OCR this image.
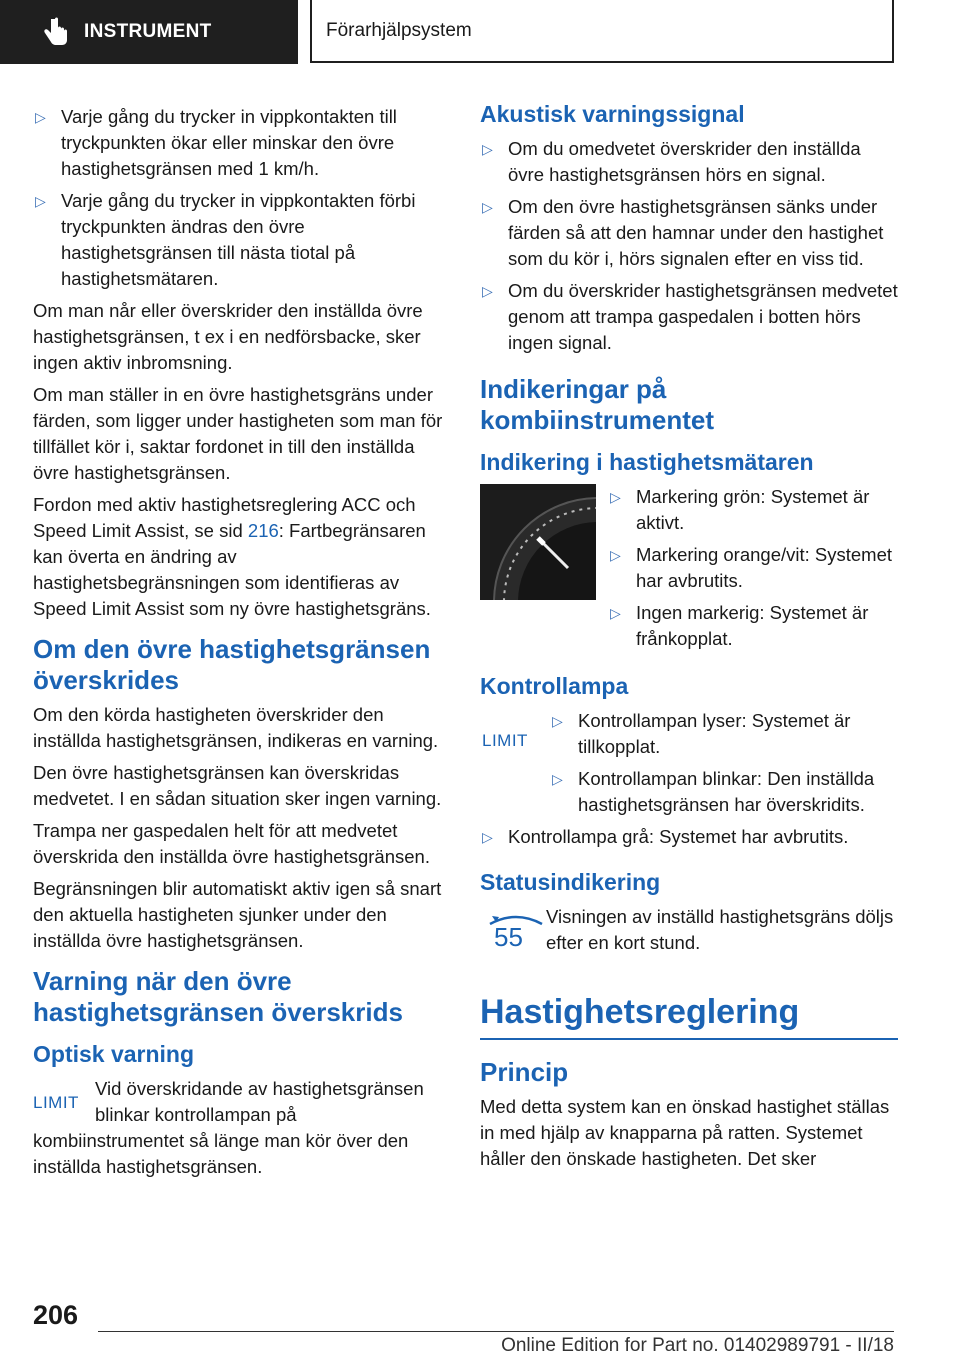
INSTRUMENT	Förarhjälpsystem
▷ Varje gång du trycker in vippkontakten till tryckpunkten ökar eller minskar den övre hastighetsgränsen med 1 km/h.
▷ Varje gång du trycker in vippkontakten förbi tryckpunkten ändras den övre hastighetsgränsen till nästa tiotal på hastighetsmätaren.

Om man når eller överskrider den inställda övre hastighetsgränsen, t ex i en nedförsbacke, sker ingen aktiv inbromsning.

Om man ställer in en övre hastighetsgräns under färden, som ligger under hastigheten som man för tillfället kör i, saktar fordonet in till den inställda övre hastighetsgränsen.

Fordon med aktiv hastighetsreglering ACC och Speed Limit Assist, se sid 216: Fartbegränsaren kan överta en ändring av hastighetsbegränsningen som identifieras av Speed Limit Assist som ny övre hastighetsgräns.

Om den övre hastighetsgränsen överskrides

Om den körda hastigheten överskrider den inställda hastighetsgränsen, indikeras en varning.

Den övre hastighetsgränsen kan överskridas medvetet. I en sådan situation sker ingen varning.

Trampa ner gaspedalen helt för att medvetet överskrida den inställda övre hastighetsgränsen.

Begränsningen blir automatiskt aktiv igen så snart den aktuella hastigheten sjunker under den inställda övre hastighetsgränsen.

Varning när den övre hastighetsgränsen överskrids
Optisk varning

LIMIT
Vid överskridande av hastighetsgränsen blinkar kontrollampan på kombiinstrumentet så länge man kör över den inställda hastighetsgränsen.

Akustisk varningssignal
▷ Om du omedvetet överskrider den inställda övre hastighetsgränsen hörs en signal.
▷ Om den övre hastighetsgränsen sänks under färden så att den hamnar under den hastighet som du kör i, hörs signalen efter en viss tid.
▷ Om du överskrider hastighetsgränsen medvetet genom att trampa gaspedalen i botten hörs ingen signal.
Indikeringar på kombiinstrumentet
Indikering i hastighetsmätaren
▷ Markering grön: Systemet är aktivt.
▷ Markering orange/vit: Systemet har avbrutits.
▷ Ingen markerig: Systemet är frånkopplat.
Kontrollampa
LIMIT
▷ Kontrollampan lyser: Systemet är tillkopplat.
▷ Kontrollampan blinkar: Den inställda hastighetsgränsen har överskridits.
▷ Kontrollampa grå: Systemet har avbrutits.
Statusindikering
55

Visningen av inställd hastighetsgräns döljs efter en kort stund.

Hastighetsreglering
Princip

Med detta system kan en önskad hastighet ställas in med hjälp av knapparna på ratten. Systemet håller den önskade hastigheten. Det sker

206
Online Edition for Part no. 01402989791 - II/18
